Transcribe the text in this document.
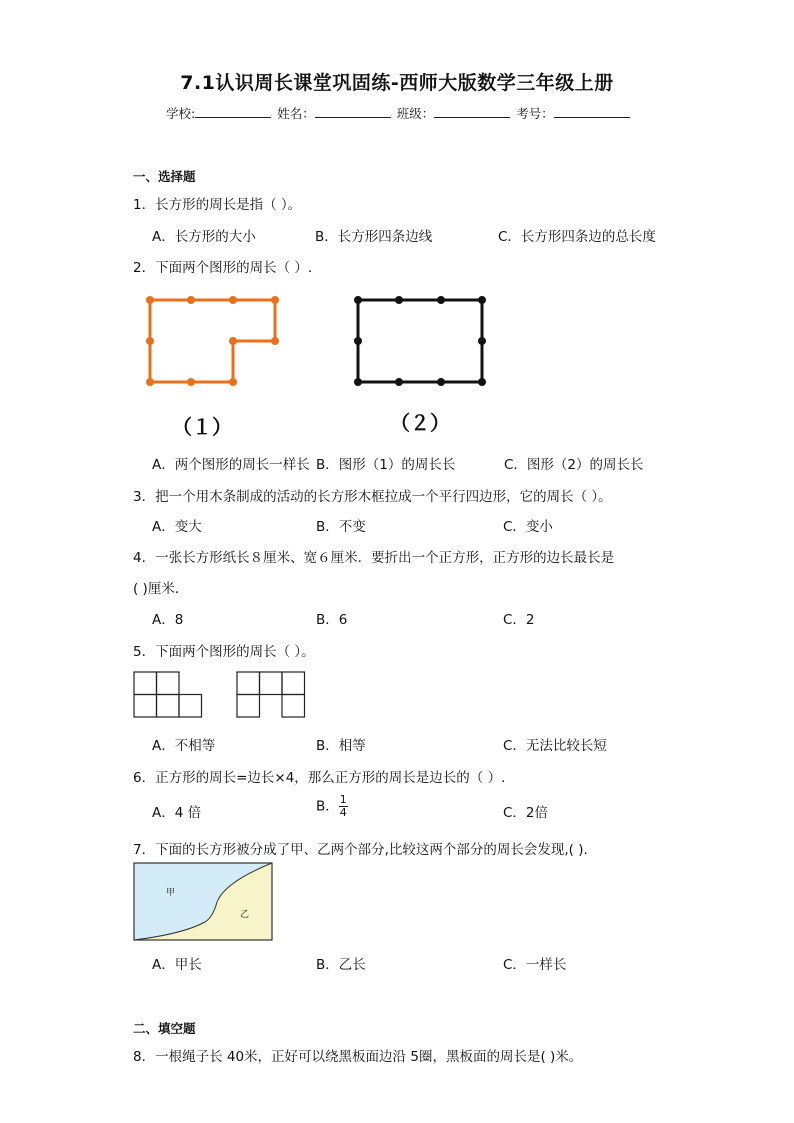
7.1认识周长课堂巩固练-西师大版数学三年级上册
学校:	姓名：	班级：	考号：
一、选择题
1．长方形的周长是指（ ）。
A．长方形的大小	B．长方形四条边线	C．长方形四条边的总长度
2．下面两个图形的周长（ ）.
（１）	（２）
A．两个图形的周长一样长 B．图形（1）的周长长	C．图形（2）的周长长
3．把一个用木条制成的活动的长方形木框拉成一个平行四边形，它的周长（ ）。
A．变大	B．不变	C．变小
4．一张长方形纸长８厘米、宽６厘米．要折出一个正方形，正方形的边长最长是
( )厘米．
A．8	B．6	C．2
5．下面两个图形的周长（ ）。
A．不相等	B．相等	C．无法比较长短
6．正方形的周长=边长×4，那么正方形的周长是边长的（ ）.
A．4 倍	B． $\frac{1}{4}$	C．2倍
7．下面的长方形被分成了甲、乙两个部分,比较这两个部分的周长会发现,( ).
甲
乙
A．甲长	B．乙长	C．一样长
二、填空题
8．一根绳子长 40米，正好可以绕黑板面边沿 5圈，黑板面的周长是( )米。
